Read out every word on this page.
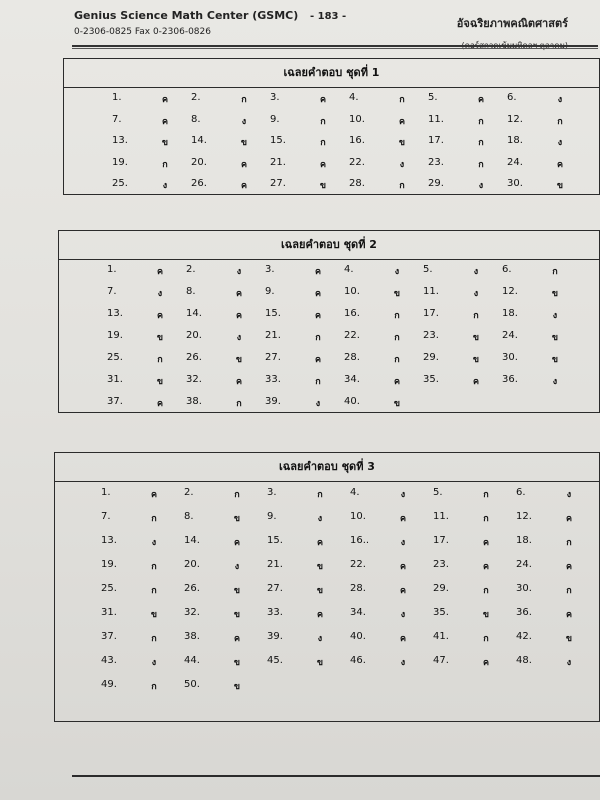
Genius Science Math Center (GSMC)
0-2306-0825 Fax 0-2306-0826
- 183 -
อัจฉริยภาพคณิตศาสตร์
เฉลยคำตอบ ชุดที่ 1
1.	ค	2.	ก	3.	ค	4.	ก	5.	ค	6.	ง
7.	ค	8.	ง	9.	ก	10.	ค	11.	ก	12.	ก
13.	ข	14.	ข	15.	ก	16.	ข	17.	ก	18.	ง
19.	ก	20.	ค	21.	ค	22.	ง	23.	ก	24.	ค
25.	ง	26.	ค	27.	ข	28.	ก	29.	ง	30.	ข
เฉลยคำตอบ ชุดที่ 2
1.	ค	2.	ง	3.	ค	4.	ง	5.	ง	6.	ก
7.	ง	8.	ค	9.	ค	10.	ข	11.	ง	12.	ข
13.	ค	14.	ค	15.	ค	16.	ก	17.	ก	18.	ง
19.	ข	20.	ง	21.	ก	22.	ก	23.	ข	24.	ข
25.	ก	26.	ข	27.	ค	28.	ก	29.	ข	30.	ข
31.	ข	32.	ค	33.	ก	34.	ค	35.	ค	36.	ง
37.	ค	38.	ก	39.	ง	40.	ข
เฉลยคำตอบ ชุดที่ 3
1.	ค	2.	ก	3.	ก	4.	ง	5.	ก	6.	ง
7.	ก	8.	ข	9.	ง	10.	ค	11.	ก	12.	ค
13.	ง	14.	ค	15.	ค	16..	ง	17.	ค	18.	ก
19.	ก	20.	ง	21.	ข	22.	ค	23.	ค	24.	ค
25.	ก	26.	ข	27.	ข	28.	ค	29.	ก	30.	ก
31.	ข	32.	ข	33.	ค	34.	ง	35.	ข	36.	ค
37.	ก	38.	ค	39.	ง	40.	ค	41.	ก	42.	ข
43.	ง	44.	ข	45.	ข	46.	ง	47.	ค	48.	ง
49.	ก	50.	ข
